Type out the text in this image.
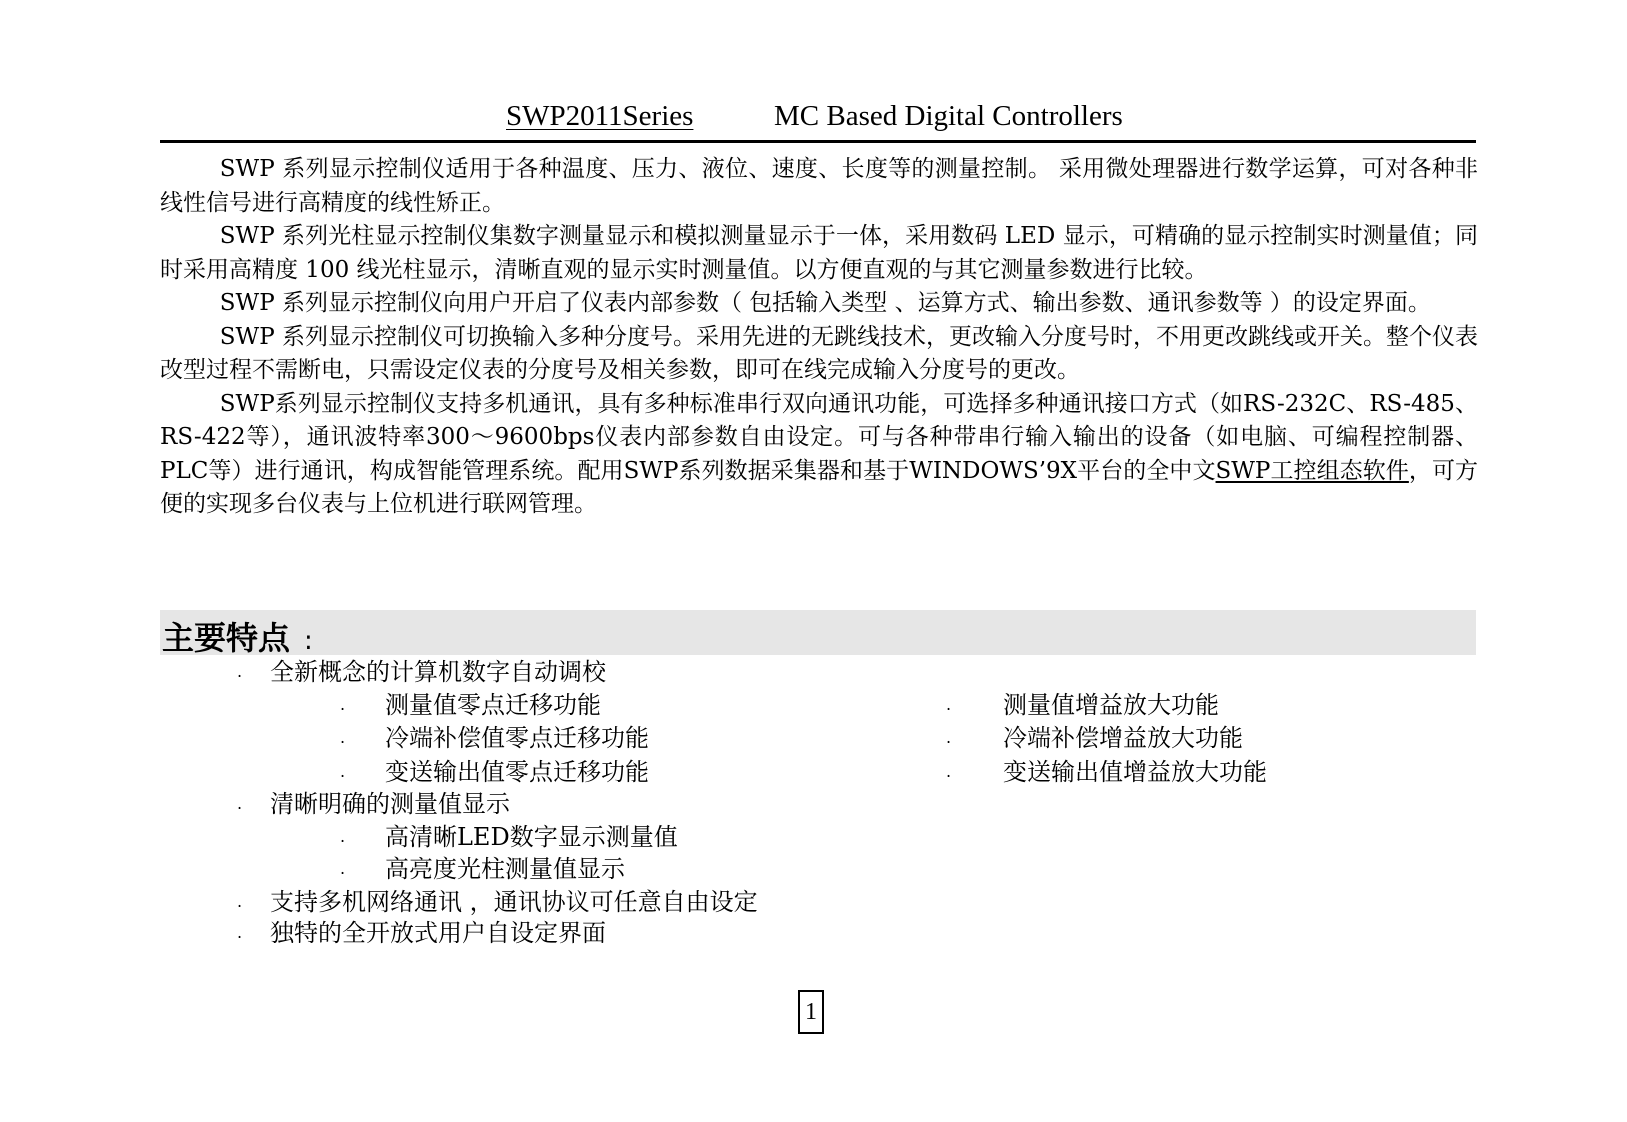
SWP2011Series	MC Based Digital Controllers

SWP 系列显示控制仪适用于各种温度、压力、液位、速度、长度等的测量控制。 采用微处理器进行数学运算，可对各种非线性信号进行高精度的线性矫正。

SWP 系列光柱显示控制仪集数字测量显示和模拟测量显示于一体，采用数码 LED 显示，可精确的显示控制实时测量值；同时采用高精度 100 线光柱显示，清晰直观的显示实时测量值。以方便直观的与其它测量参数进行比较。

SWP 系列显示控制仪向用户开启了仪表内部参数（ 包括输入类型 、运算方式、输出参数、通讯参数等 ）的设定界面。

SWP 系列显示控制仪可切换输入多种分度号。采用先进的无跳线技术，更改输入分度号时，不用更改跳线或开关。整个仪表改型过程不需断电，只需设定仪表的分度号及相关参数，即可在线完成输入分度号的更改。

SWP系列显示控制仪支持多机通讯，具有多种标准串行双向通讯功能，可选择多种通讯接口方式（如RS-232C、RS-485、RS-422等），通讯波特率300～9600bps仪表内部参数自由设定。可与各种带串行输入输出的设备（如电脑、可编程控制器、PLC等）进行通讯，构成智能管理系统。配用SWP系列数据采集器和基于WINDOWS’9X平台的全中文SWP工控组态软件，可方便的实现多台仪表与上位机进行联网管理。

主要特点 :
. 全新概念的计算机数字自动调校
. 测量值零点迁移功能	. 测量值增益放大功能
. 冷端补偿值零点迁移功能	. 冷端补偿增益放大功能
. 变送输出值零点迁移功能	. 变送输出值增益放大功能
. 清晰明确的测量值显示
. 高清晰LED数字显示测量值
. 高亮度光柱测量值显示
. 支持多机网络通讯 ，通讯协议可任意自由设定
. 独特的全开放式用户自设定界面
1
